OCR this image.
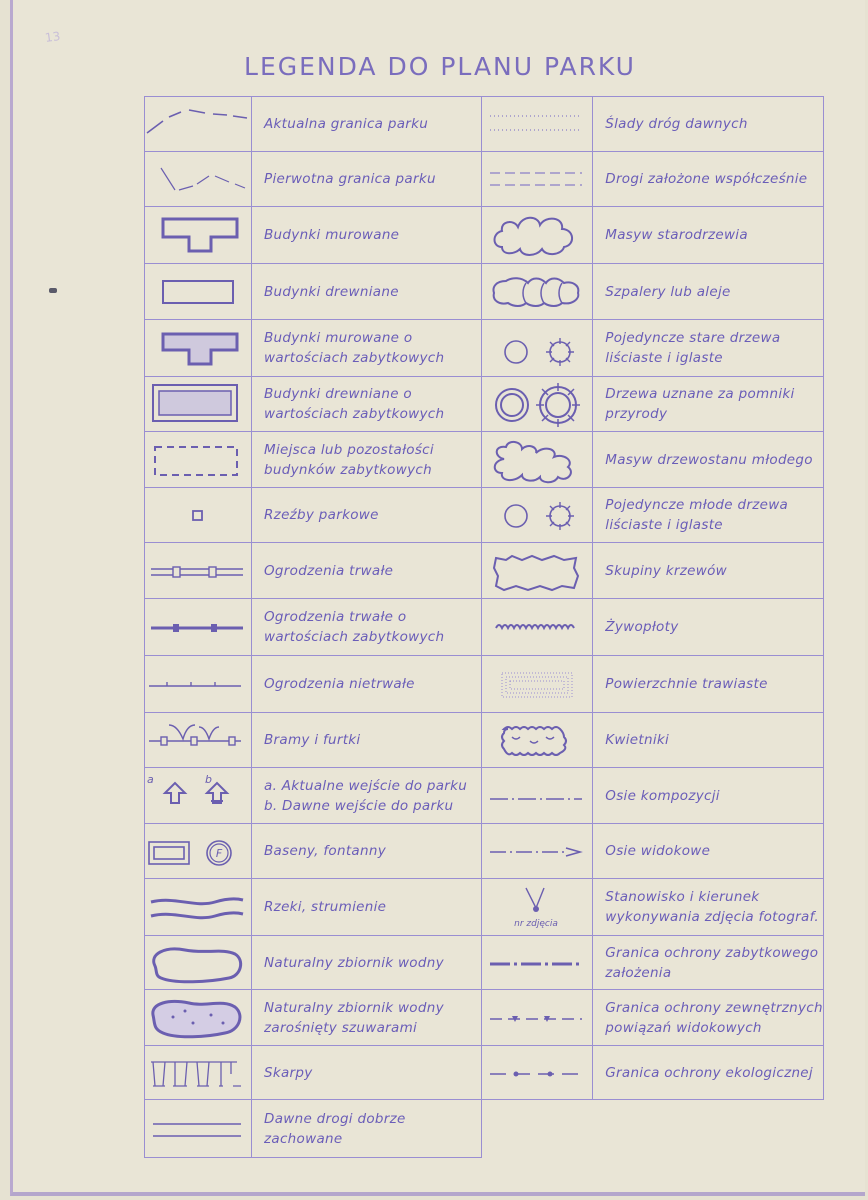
13
LEGENDA DO PLANU PARKU
	Aktualna granica parku		Ślady dróg dawnych

	Pierwotna granica parku		Drogi założone współcześnie

	Budynki murowane		Masyw starodrzewia

	Budynki drewniane		Szpalery lub aleje

	Budynki murowane o wartościach zabytkowych		Pojedyncze stare drzewa liściaste i iglaste

	Budynki drewniane o wartościach zabytkowych		Drzewa uznane za pomniki przyrody

	Miejsca lub pozostałości budynków zabytkowych		Masyw drzewostanu młodego

	Rzeźby parkowe		Pojedyncze młode drzewa liściaste i iglaste

	Ogrodzenia trwałe		Skupiny krzewów

	Ogrodzenia trwałe o wartościach zabytkowych		Żywopłoty

	Ogrodzenia nietrwałe		Powierzchnie trawiaste

	Bramy i furtki		Kwietniki

a b	a. Aktualne wejście do parku b. Dawne wejście do parku		Osie kompozycji

F	Baseny, fontanny		Osie widokowe

	Rzeki, strumienie	nr zdjęcia	Stanowisko i kierunek wykonywania zdjęcia fotograf.

	Naturalny zbiornik wodny		Granica ochrony zabytkowego założenia

	Naturalny zbiornik wodny zarośnięty szuwarami		Granica ochrony zewnętrznych powiązań widokowych

	Skarpy		Granica ochrony ekologicznej

	Dawne drogi dobrze zachowane		
